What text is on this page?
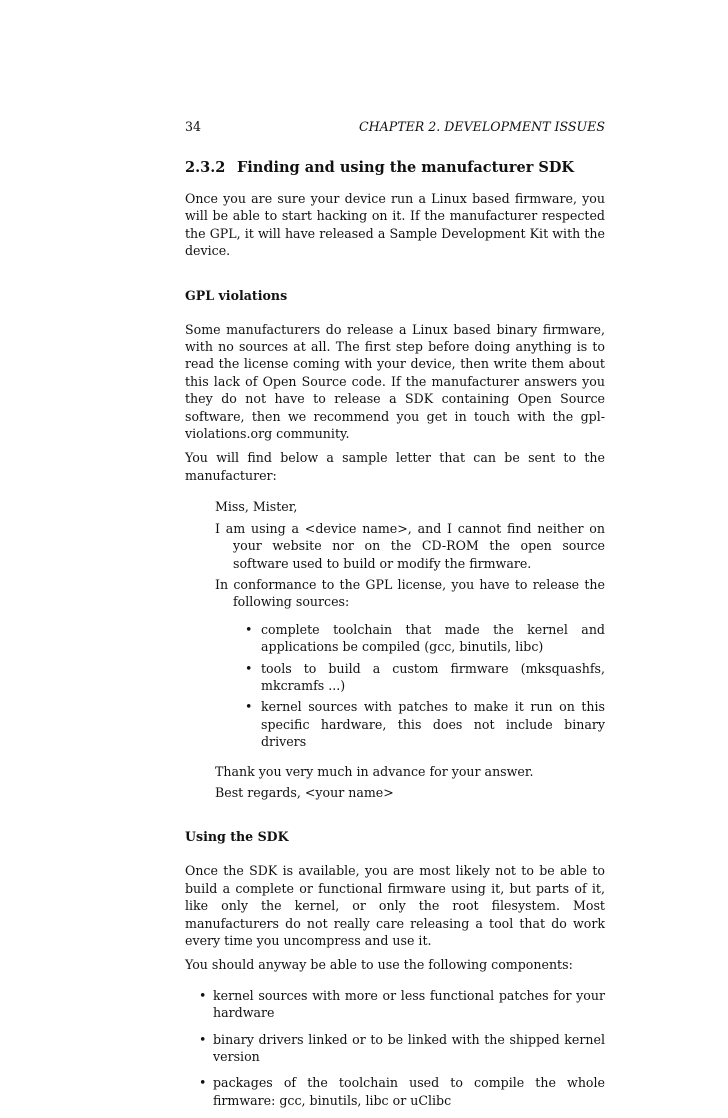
34	CHAPTER 2. DEVELOPMENT ISSUES
2.3.2 Finding and using the manufacturer SDK

Once you are sure your device run a Linux based firmware, you will be able to start hacking on it. If the manufacturer respected the GPL, it will have released a Sample Development Kit with the device.

GPL violations

Some manufacturers do release a Linux based binary firmware, with no sources at all. The first step before doing anything is to read the license coming with your device, then write them about this lack of Open Source code. If the manufacturer answers you they do not have to release a SDK containing Open Source software, then we recommend you get in touch with the gpl-violations.org community.

You will find below a sample letter that can be sent to the manufacturer:

Miss, Mister,

I am using a <device name>, and I cannot find neither on your website nor on the CD-ROM the open source software used to build or modify the firmware.

In conformance to the GPL license, you have to release the following sources:

• complete toolchain that made the kernel and applications be compiled (gcc, binutils, libc)
• tools to build a custom firmware (mksquashfs, mkcramfs ...)
• kernel sources with patches to make it run on this specific hardware, this does not include binary drivers

Thank you very much in advance for your answer.

Best regards, <your name>

Using the SDK

Once the SDK is available, you are most likely not to be able to build a complete or functional firmware using it, but parts of it, like only the kernel, or only the root filesystem. Most manufacturers do not really care releasing a tool that do work every time you uncompress and use it.

You should anyway be able to use the following components:

• kernel sources with more or less functional patches for your hardware
• binary drivers linked or to be linked with the shipped kernel version
• packages of the toolchain used to compile the whole firmware: gcc, binutils, libc or uClibc
